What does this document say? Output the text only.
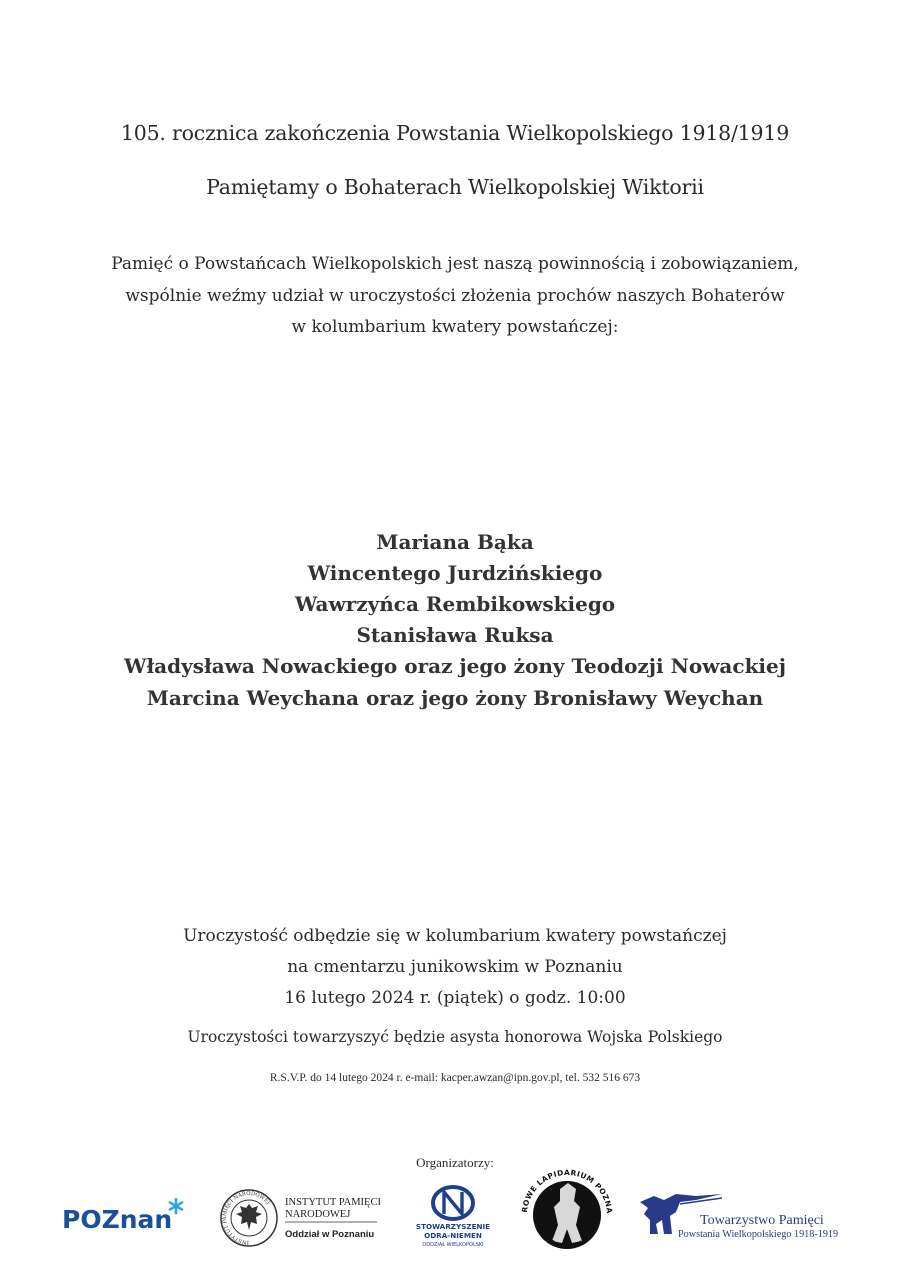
105. rocznica zakończenia Powstania Wielkopolskiego 1918/1919
Pamiętamy o Bohaterach Wielkopolskiej Wiktorii
Pamięć o Powstańcach Wielkopolskich jest naszą powinnością i zobowiązaniem,
wspólnie weźmy udział w uroczystości złożenia prochów naszych Bohaterów
w kolumbarium kwatery powstańczej:
Mariana Bąka
Wincentego Jurdzińskiego
Wawrzyńca Rembikowskiego
Stanisława Ruksa
Władysława Nowackiego oraz jego żony Teodozji Nowackiej
Marcina Weychana oraz jego żony Bronisławy Weychan
Uroczystość odbędzie się w kolumbarium kwatery powstańczej
na cmentarzu junikowskim w Poznaniu
16 lutego 2024 r. (piątek) o godz. 10:00
Uroczystości towarzyszyć będzie asysta honorowa Wojska Polskiego
R.S.V.P. do 14 lutego 2024 r. e-mail: kacper.awzan@ipn.gov.pl, tel. 532 516 673
Organizatorzy:
POZnan
INSTYTUT PAMIĘCI NARODOWEJ INSTYTUT PAMIĘCI
NARODOWEJ
Oddział w Poznaniu
STOWARZYSZENIE
ODRA-NIEMEN
ODDZIAŁ WIELKOPOLSKI
ROWE LAPIDARIUM POZNA
E-LAPIDARIUM.PL
Towarzystwo Pamięci
Powstania Wielkopolskiego 1918-1919
